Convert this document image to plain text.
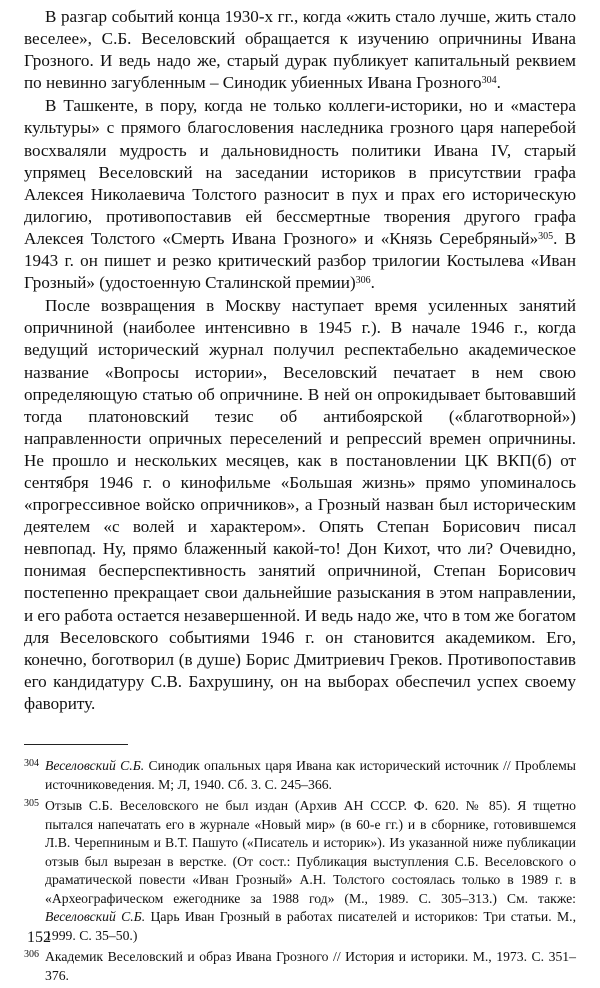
В разгар событий конца 1930-х гг., когда «жить стало лучше, жить стало веселее», С.Б. Веселовский обращается к изучению опричнины Ивана Грозного. И ведь надо же, старый дурак публикует капитальный реквием по невинно загубленным – Синодик убиенных Ивана Грозного$^{304}$.

В Ташкенте, в пору, когда не только коллеги-историки, но и «мастера культуры» с прямого благословения наследника грозного царя наперебой восхваляли мудрость и дальновидность политики Ивана IV, старый упрямец Веселовский на заседании историков в присутствии графа Алексея Николаевича Толстого разносит в пух и прах его историческую дилогию, противопоставив ей бессмертные творения другого графа Алексея Толстого «Смерть Ивана Грозного» и «Князь Серебряный»$^{305}$. В 1943 г. он пишет и резко критический разбор трилогии Костылева «Иван Грозный» (удостоенную Сталинской премии)$^{306}$.

После возвращения в Москву наступает время усиленных занятий опричниной (наиболее интенсивно в 1945 г.). В начале 1946 г., когда ведущий исторический журнал получил респектабельно академическое название «Вопросы истории», Веселовский печатает в нем свою определяющую статью об опричнине. В ней он опрокидывает бытовавший тогда платоновский тезис об антибоярской («благотворной») направленности опричных переселений и репрессий времен опричнины. Не прошло и нескольких месяцев, как в постановлении ЦК ВКП(б) от сентября 1946 г. о кинофильме «Большая жизнь» прямо упоминалось «прогрессивное войско опричников», а Грозный назван был историческим деятелем «с волей и характером». Опять Степан Борисович писал невпопад. Ну, прямо блаженный какой-то! Дон Кихот, что ли? Очевидно, понимая бесперспективность занятий опричниной, Степан Борисович постепенно прекращает свои дальнейшие разыскания в этом направлении, и его работа остается незавершенной. И ведь надо же, что в том же богатом для Веселовского событиями 1946 г. он становится академиком. Его, конечно, боготворил (в душе) Борис Дмитриевич Греков. Противопоставив его кандидатуру С.В. Бахрушину, он на выборах обеспечил успех своему фавориту.

304 Веселовский С.Б. Синодик опальных царя Ивана как исторический источник // Проблемы источниковедения. М; Л, 1940. Сб. 3. С. 245–366.

305 Отзыв С.Б. Веселовского не был издан (Архив АН СССР. Ф. 620. № 85). Я тщетно пытался напечатать его в журнале «Новый мир» (в 60-е гг.) и в сборнике, готовившемся Л.В. Черепниным и В.Т. Пашуто («Писатель и историк»). Из указанной ниже публикации отзыв был вырезан в верстке. (От сост.: Публикация выступления С.Б. Веселовского о драматической повести «Иван Грозный» А.Н. Толстого состоялась только в 1989 г. в «Археографическом ежегоднике за 1988 год» (М., 1989. С. 305–313.) См. также: Веселовский С.Б. Царь Иван Грозный в работах писателей и историков: Три статьи. М., 1999. С. 35–50.)

306 Академик Веселовский и образ Ивана Грозного // История и историки. М., 1973. С. 351–376.

152
